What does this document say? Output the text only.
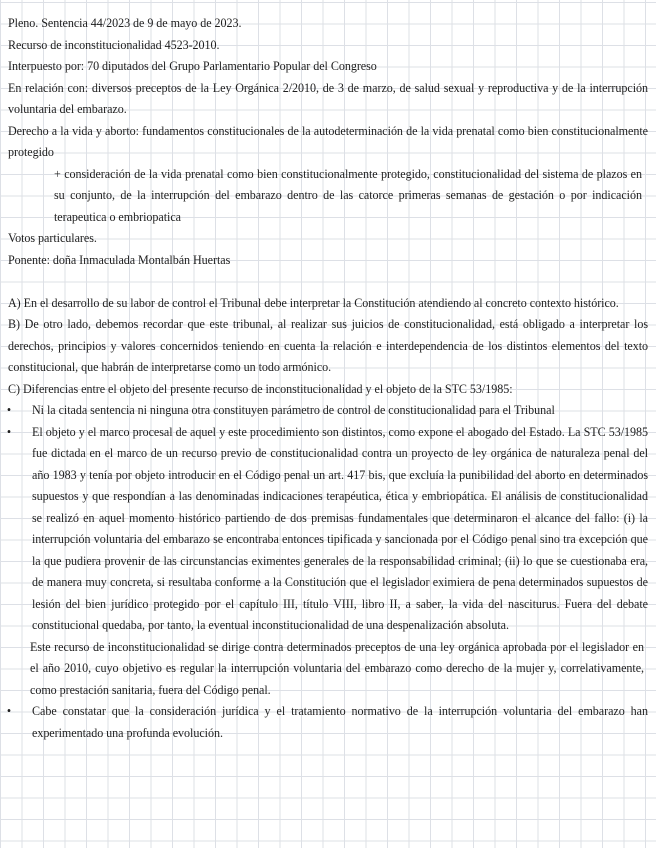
Pleno. Sentencia 44/2023 de 9 de mayo de 2023.

Recurso de inconstitucionalidad 4523-2010.

Interpuesto por: 70 diputados del Grupo Parlamentario Popular del Congreso

En relación con: diversos preceptos de la Ley Orgánica 2/2010, de 3 de marzo, de salud sexual y reproductiva y de la interrupción voluntaria del embarazo.

Derecho a la vida y aborto: fundamentos constitucionales de la autodeterminación de la vida prenatal como bien constitucionalmente protegido

+ consideración de la vida prenatal como bien constitucionalmente protegido, constitucionalidad del sistema de plazos en su conjunto, de la interrupción del embarazo dentro de las catorce primeras semanas de gestación o por indicación terapeutica o embriopatica

Votos particulares.

Ponente: doña Inmaculada Montalbán Huertas

A) En el desarrollo de su labor de control el Tribunal debe interpretar la Constitución atendiendo al concreto contexto histórico.

B) De otro lado, debemos recordar que este tribunal, al realizar sus juicios de constitucionalidad, está obligado a interpretar los derechos, principios y valores concernidos teniendo en cuenta la relación e interdependencia de los distintos elementos del texto constitucional, que habrán de interpretarse como un todo armónico.

C) Diferencias entre el objeto del presente recurso de inconstitucionalidad y el objeto de la STC 53/1985:

• Ni la citada sentencia ni ninguna otra constituyen parámetro de control de constitucionalidad para el Tribunal
• El objeto y el marco procesal de aquel y este procedimiento son distintos, como expone el abogado del Estado. La STC 53/1985 fue dictada en el marco de un recurso previo de constitucionalidad contra un proyecto de ley orgánica de naturaleza penal del año 1983 y tenía por objeto introducir en el Código penal un art. 417 bis, que excluía la punibilidad del aborto en determinados supuestos y que respondían a las denominadas indicaciones terapéutica, ética y embriopática. El análisis de constitucionalidad se realizó en aquel momento histórico partiendo de dos premisas fundamentales que determinaron el alcance del fallo: (i) la interrupción voluntaria del embarazo se encontraba entonces tipificada y sancionada por el Código penal sino tra excepción que la que pudiera provenir de las circunstancias eximentes generales de la responsabilidad criminal; (ii) lo que se cuestionaba era, de manera muy concreta, si resultaba conforme a la Constitución que el legislador eximiera de pena determinados supuestos de lesión del bien jurídico protegido por el capítulo III, título VIII, libro II, a saber, la vida del nasciturus. Fuera del debate constitucional quedaba, por tanto, la eventual inconstitucionalidad de una despenalización absoluta.

Este recurso de inconstitucionalidad se dirige contra determinados preceptos de una ley orgánica aprobada por el legislador en el año 2010, cuyo objetivo es regular la interrupción voluntaria del embarazo como derecho de la mujer y, correlativamente, como prestación sanitaria, fuera del Código penal.

• Cabe constatar que la consideración jurídica y el tratamiento normativo de la interrupción voluntaria del embarazo han experimentado una profunda evolución.
